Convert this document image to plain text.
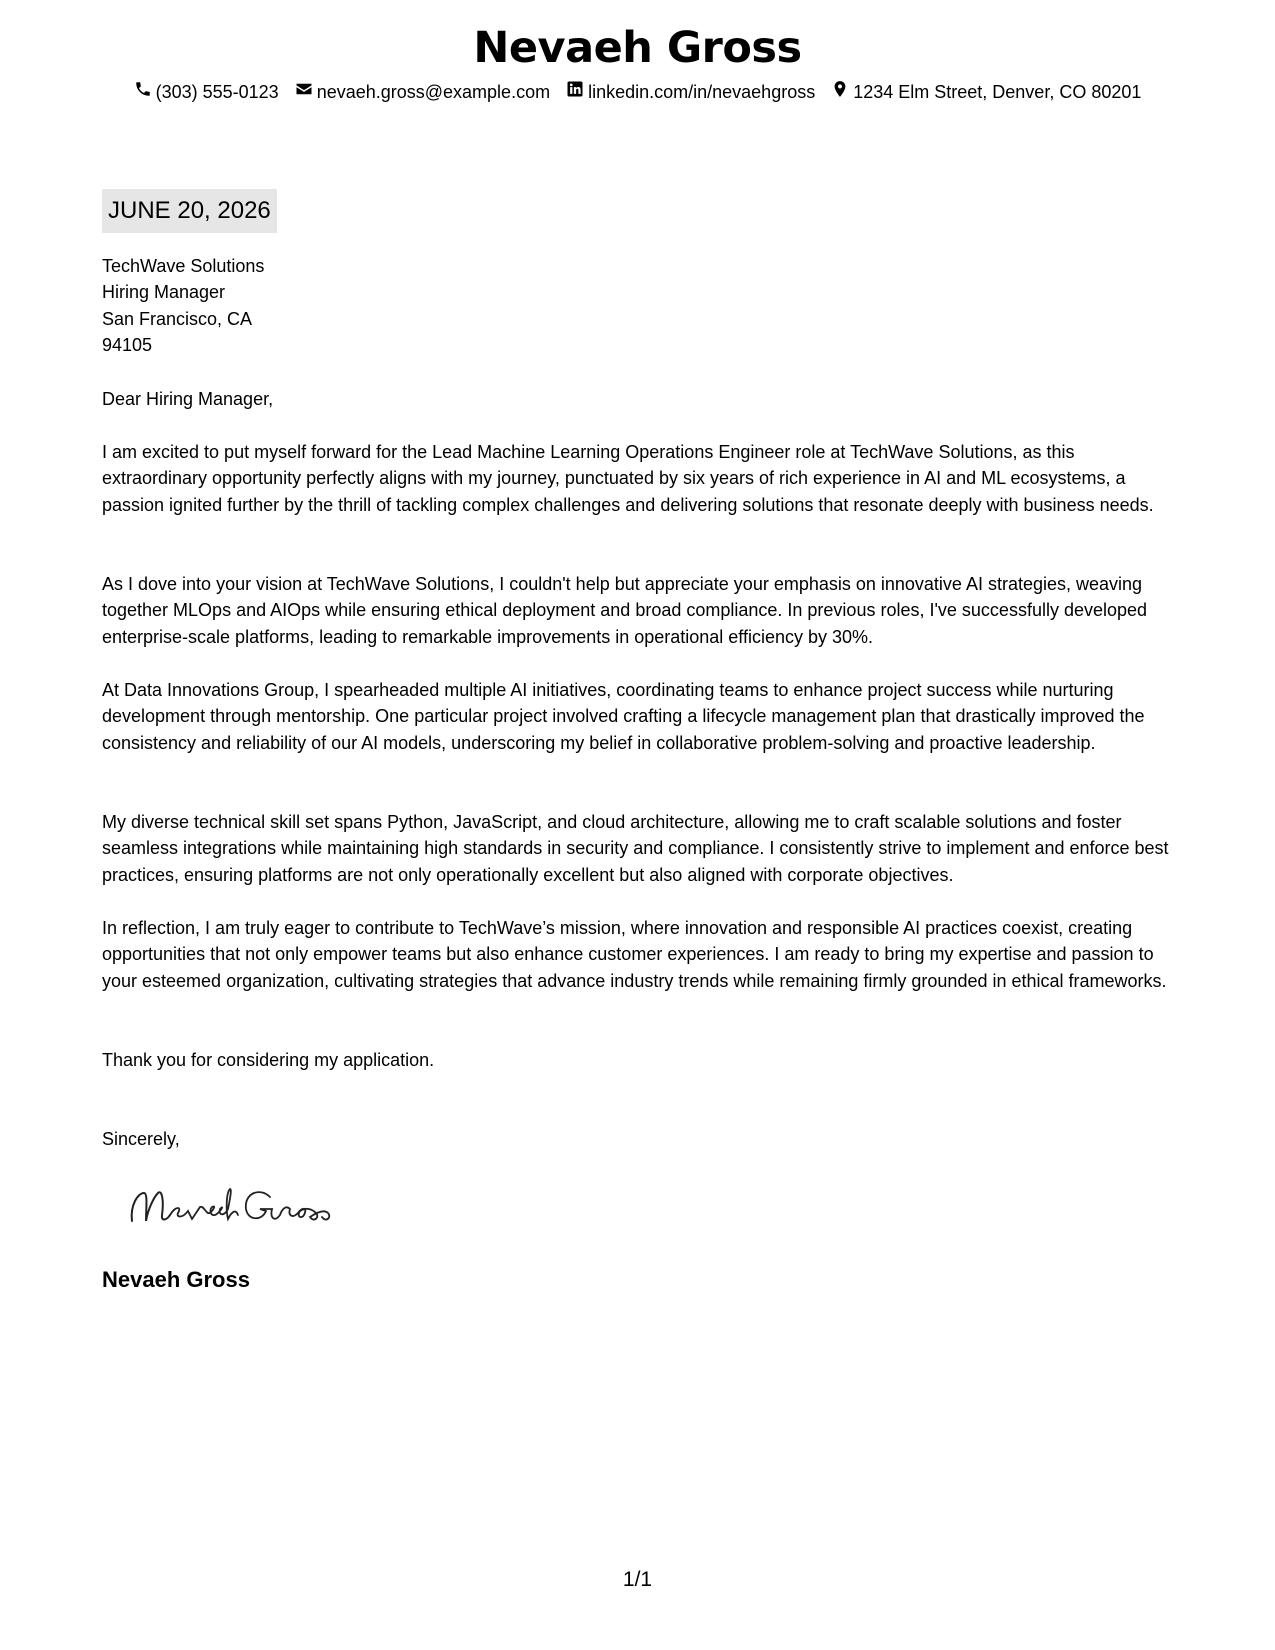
Nevaeh Gross
(303) 555-0123 nevaeh.gross@example.com linkedin.com/in/nevaehgross 1234 Elm Street, Denver, CO 80201
JUNE 20, 2026
TechWave Solutions
Hiring Manager
San Francisco, CA
94105
Dear Hiring Manager,

I am excited to put myself forward for the Lead Machine Learning Operations Engineer role at TechWave Solutions, as this extraordinary opportunity perfectly aligns with my journey, punctuated by six years of rich experience in AI and ML ecosystems, a passion ignited further by the thrill of tackling complex challenges and delivering solutions that resonate deeply with business needs.

As I dove into your vision at TechWave Solutions, I couldn't help but appreciate your emphasis on innovative AI strategies, weaving together MLOps and AIOps while ensuring ethical deployment and broad compliance. In previous roles, I've successfully developed enterprise-scale platforms, leading to remarkable improvements in operational efficiency by 30%.

At Data Innovations Group, I spearheaded multiple AI initiatives, coordinating teams to enhance project success while nurturing development through mentorship. One particular project involved crafting a lifecycle management plan that drastically improved the consistency and reliability of our AI models, underscoring my belief in collaborative problem-solving and proactive leadership.

My diverse technical skill set spans Python, JavaScript, and cloud architecture, allowing me to craft scalable solutions and foster seamless integrations while maintaining high standards in security and compliance. I consistently strive to implement and enforce best practices, ensuring platforms are not only operationally excellent but also aligned with corporate objectives.

In reflection, I am truly eager to contribute to TechWave’s mission, where innovation and responsible AI practices coexist, creating opportunities that not only empower teams but also enhance customer experiences. I am ready to bring my expertise and passion to your esteemed organization, cultivating strategies that advance industry trends while remaining firmly grounded in ethical frameworks.

Thank you for considering my application.
Sincerely,
Nevaeh Gross
1/1
